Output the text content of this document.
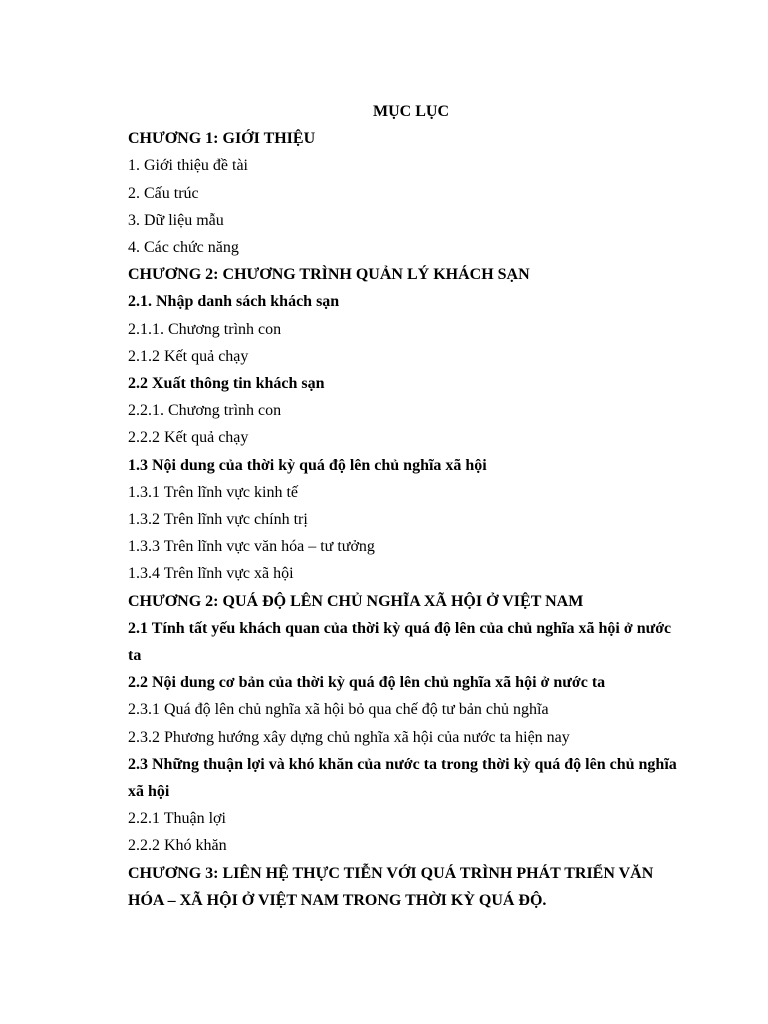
MỤC LỤC
CHƯƠNG 1: GIỚI THIỆU
1. Giới thiệu đề tài
2. Cấu trúc
3. Dữ liệu mẫu
4. Các chức năng
CHƯƠNG 2: CHƯƠNG TRÌNH QUẢN LÝ KHÁCH SẠN
2.1. Nhập danh sách khách sạn
2.1.1. Chương trình con
2.1.2 Kết quả chạy
2.2 Xuất thông tin khách sạn
2.2.1. Chương trình con
2.2.2 Kết quả chạy
1.3 Nội dung của thời kỳ quá độ lên chủ nghĩa xã hội
1.3.1 Trên lĩnh vực kinh tế
1.3.2 Trên lĩnh vực chính trị
1.3.3 Trên lĩnh vực văn hóa – tư tưởng
1.3.4 Trên lĩnh vực xã hội
CHƯƠNG 2: QUÁ ĐỘ LÊN CHỦ NGHĨA XÃ HỘI Ở VIỆT NAM
2.1 Tính tất yếu khách quan của thời kỳ quá độ lên của chủ nghĩa xã hội ở nước ta
2.2 Nội dung cơ bản của thời kỳ quá độ lên chủ nghĩa xã hội ở nước ta
2.3.1 Quá độ lên chủ nghĩa xã hội bỏ qua chế độ tư bản chủ nghĩa
2.3.2 Phương hướng xây dựng chủ nghĩa xã hội của nước ta hiện nay
2.3 Những thuận lợi và khó khăn của nước ta trong thời kỳ quá độ lên chủ nghĩa xã hội
2.2.1 Thuận lợi
2.2.2 Khó khăn
CHƯƠNG 3: LIÊN HỆ THỰC TIỄN VỚI QUÁ TRÌNH PHÁT TRIỂN VĂN HÓA – XÃ HỘI Ở VIỆT NAM TRONG THỜI KỲ QUÁ ĐỘ.
